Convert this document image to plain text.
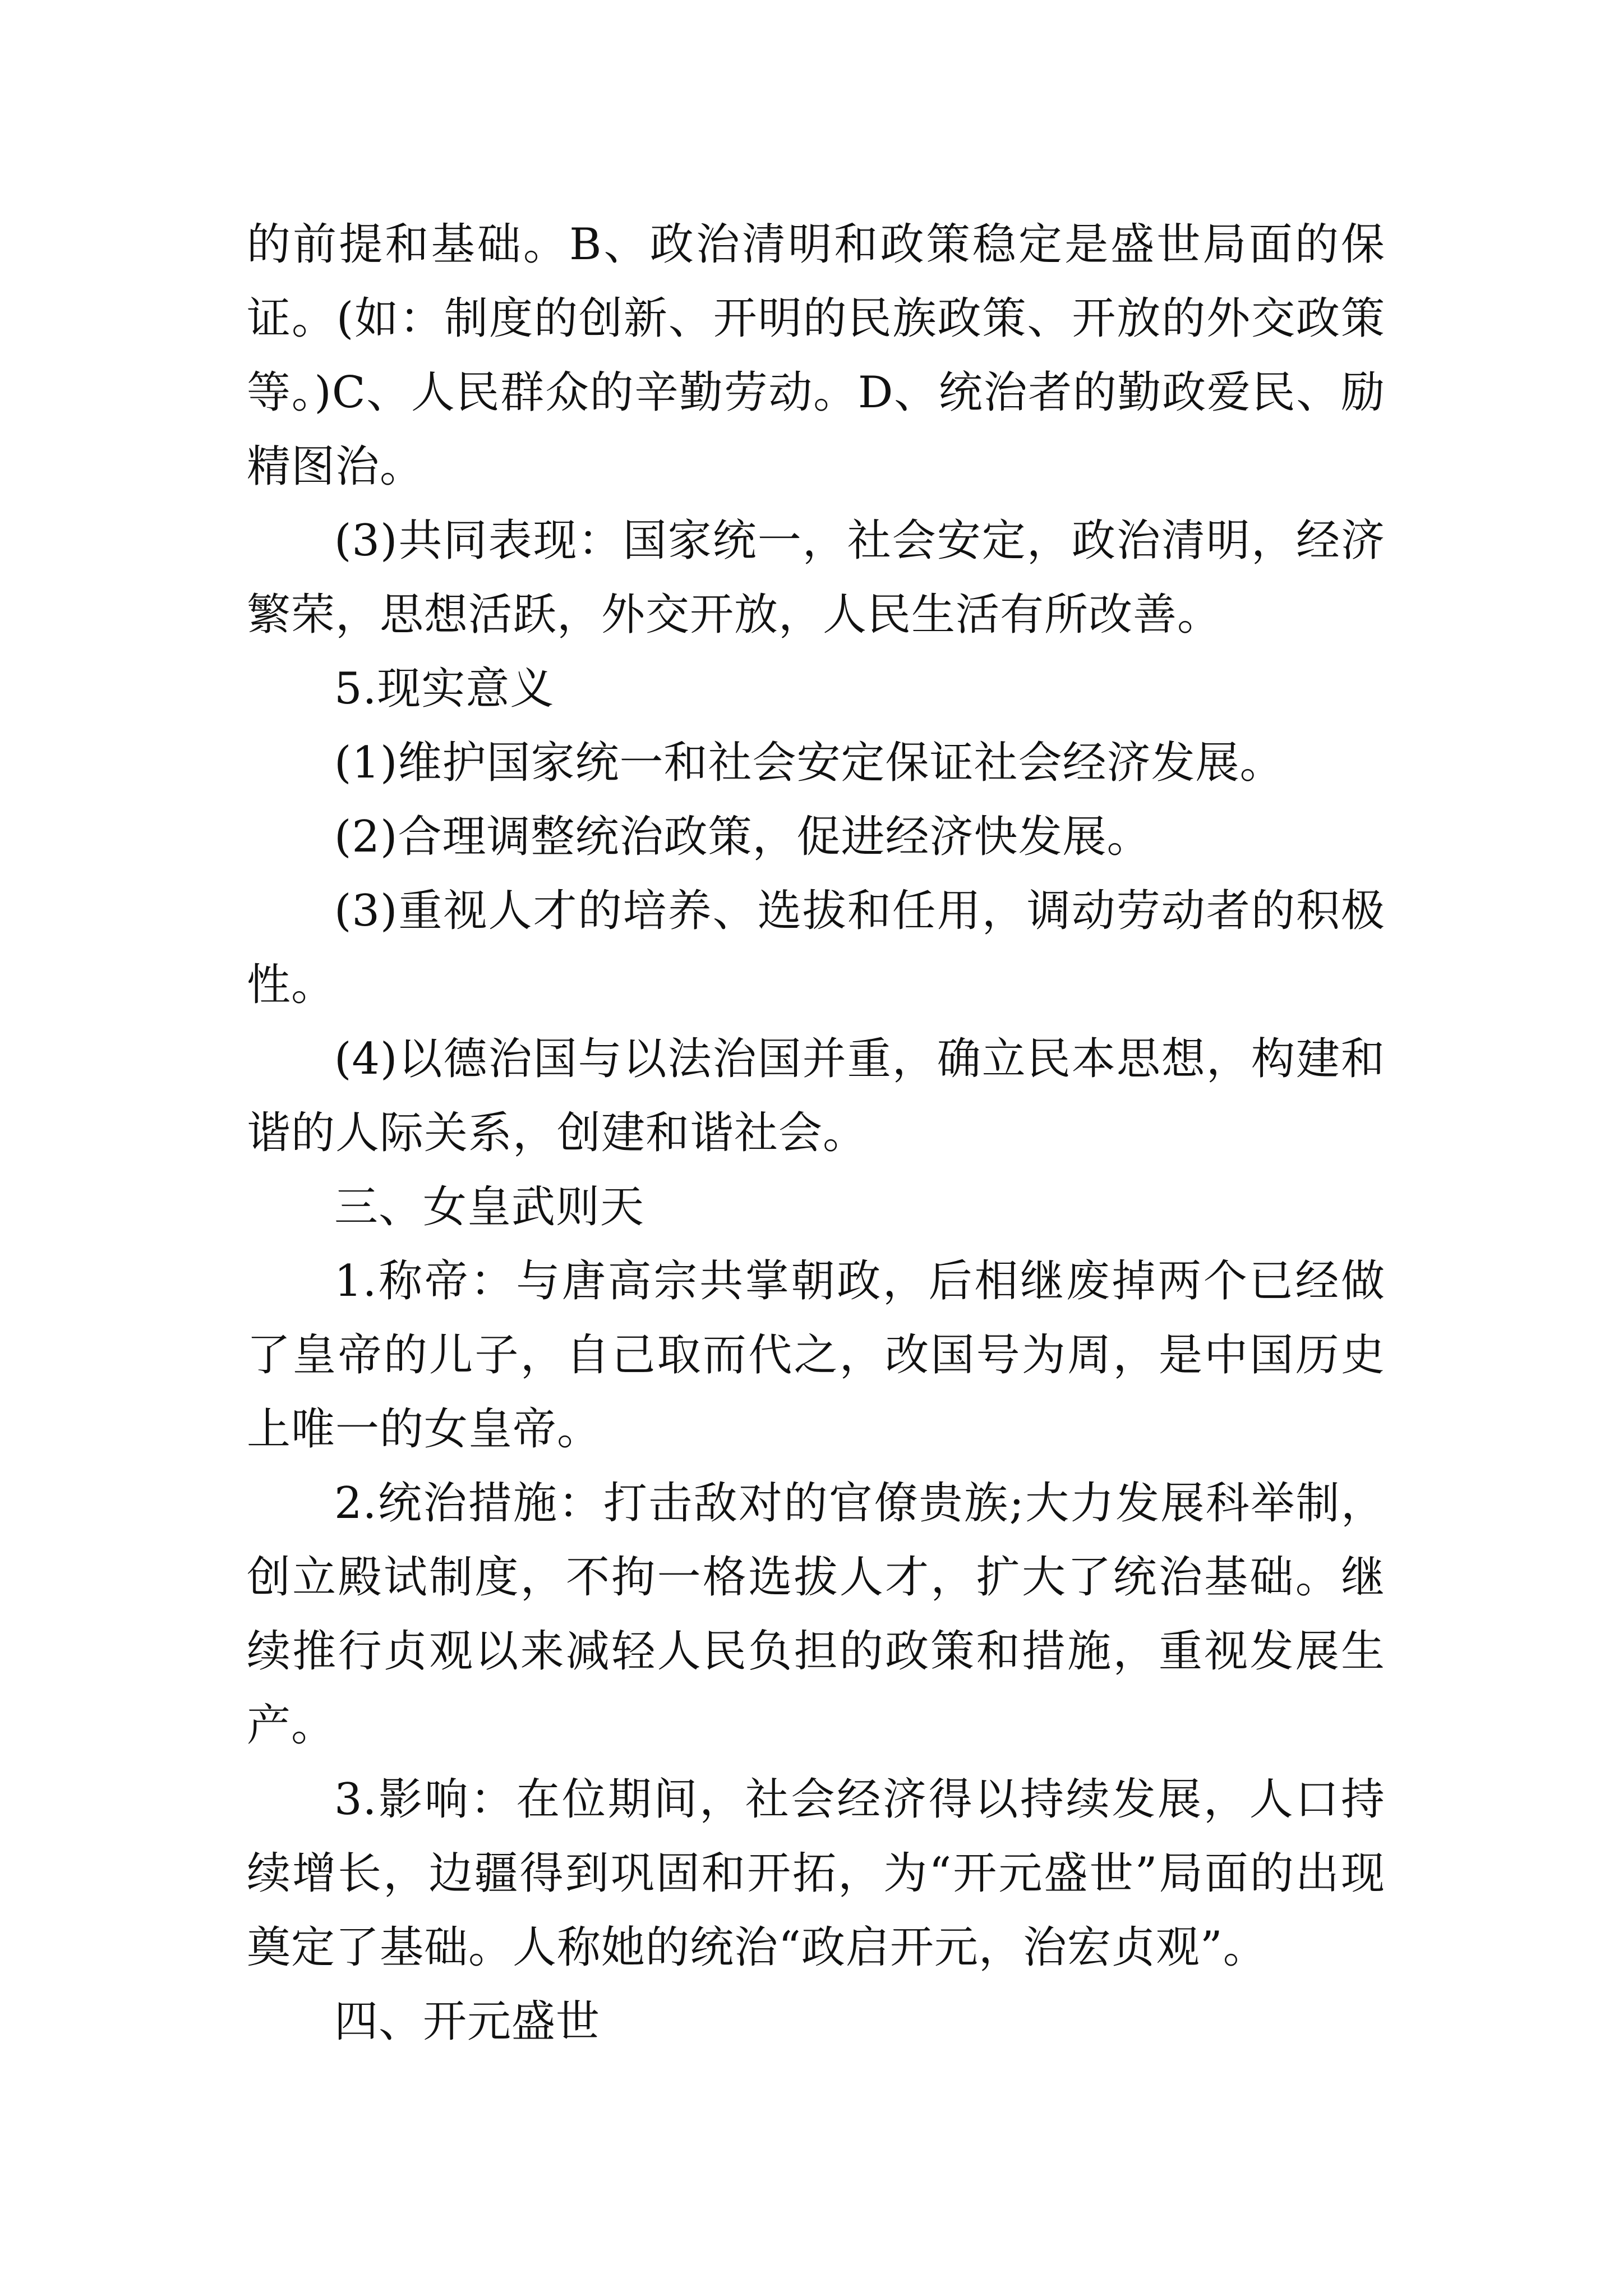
的前提和基础。B、政治清明和政策稳定是盛世局面的保证。(如：制度的创新、开明的民族政策、开放的外交政策等。)C、人民群众的辛勤劳动。D、统治者的勤政爱民、励精图治。

(3)共同表现：国家统一，社会安定，政治清明，经济繁荣，思想活跃，外交开放，人民生活有所改善。

5.现实意义

(1)维护国家统一和社会安定保证社会经济发展。

(2)合理调整统治政策，促进经济快发展。

(3)重视人才的培养、选拔和任用，调动劳动者的积极性。

(4)以德治国与以法治国并重，确立民本思想，构建和谐的人际关系，创建和谐社会。

三、女皇武则天

1.称帝：与唐高宗共掌朝政，后相继废掉两个已经做了皇帝的儿子，自己取而代之，改国号为周，是中国历史上唯一的女皇帝。

2.统治措施：打击敌对的官僚贵族;大力发展科举制，创立殿试制度，不拘一格选拔人才，扩大了统治基础。继续推行贞观以来减轻人民负担的政策和措施，重视发展生产。

3.影响：在位期间，社会经济得以持续发展，人口持续增长，边疆得到巩固和开拓，为“开元盛世”局面的出现奠定了基础。人称她的统治“政启开元，治宏贞观”。

四、开元盛世
